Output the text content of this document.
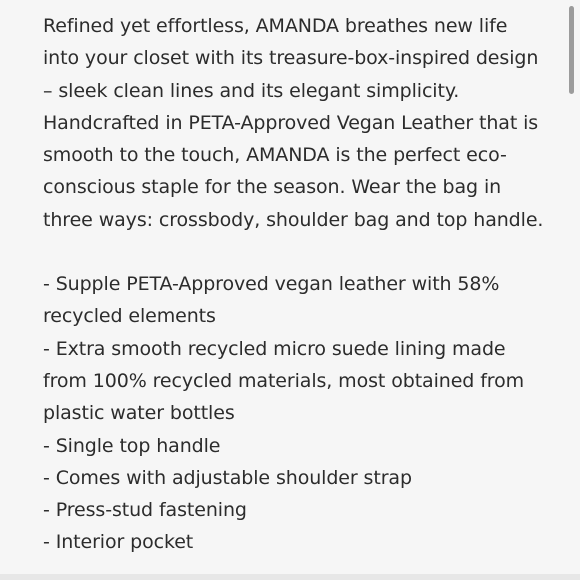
Refined yet effortless, AMANDA breathes new life into your closet with its treasure-box-inspired design – sleek clean lines and its elegant simplicity. Handcrafted in PETA-Approved Vegan Leather that is smooth to the touch, AMANDA is the perfect eco-conscious staple for the season. Wear the bag in three ways: crossbody, shoulder bag and top handle.

- Supple PETA-Approved vegan leather with 58% recycled elements
- Extra smooth recycled micro suede lining made from 100% recycled materials, most obtained from plastic water bottles
- Single top handle
- Comes with adjustable shoulder strap
- Press-stud fastening
- Interior pocket
